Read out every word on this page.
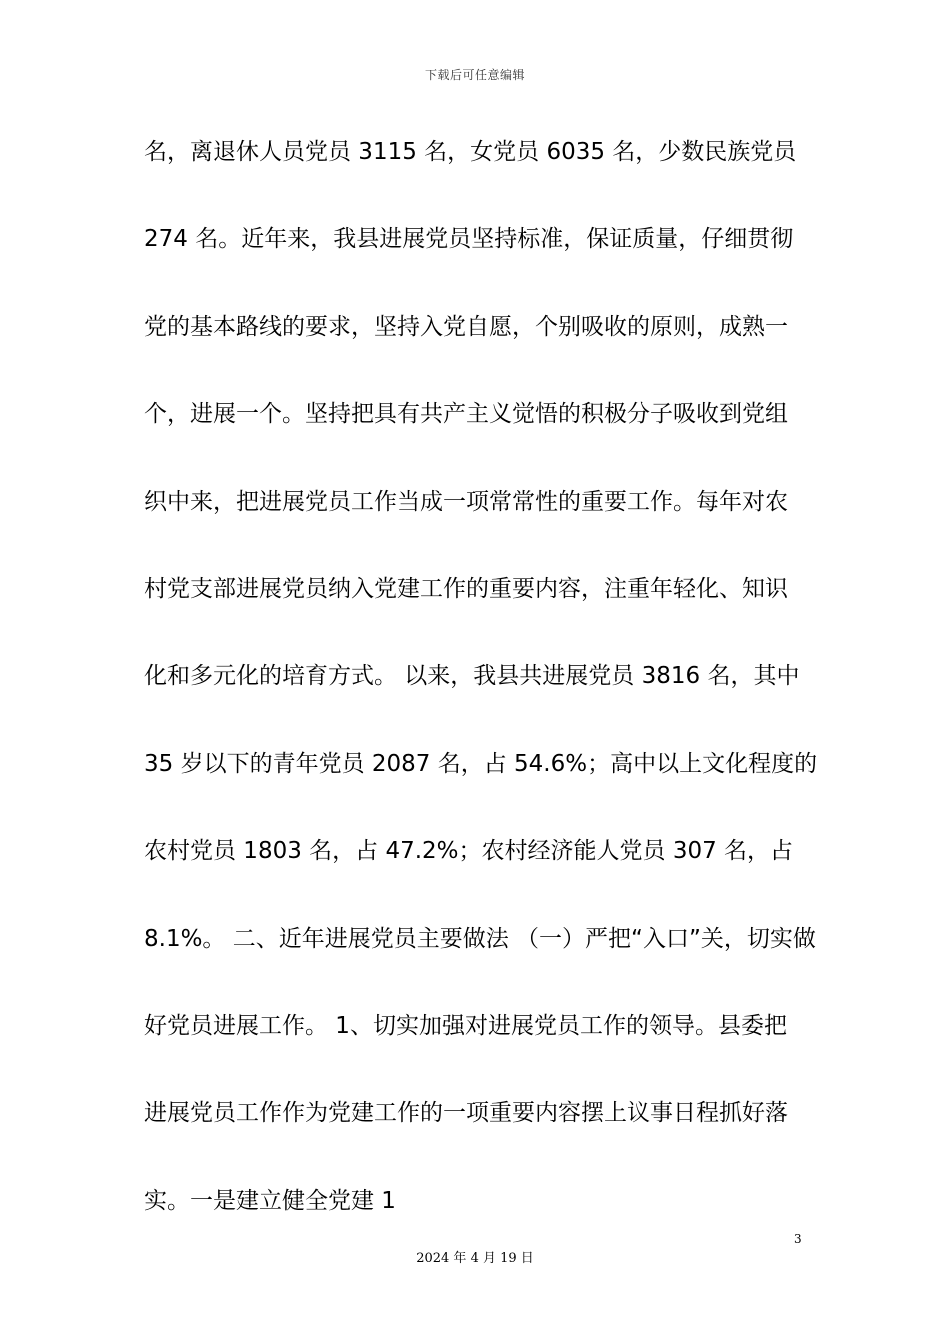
下载后可任意编辑
名，离退休人员党员 3115 名，女党员 6035 名，少数民族党员
274 名。近年来，我县进展党员坚持标准，保证质量，仔细贯彻
党的基本路线的要求，坚持入党自愿，个别吸收的原则，成熟一
个，进展一个。坚持把具有共产主义觉悟的积极分子吸收到党组
织中来，把进展党员工作当成一项常常性的重要工作。每年对农
村党支部进展党员纳入党建工作的重要内容，注重年轻化、知识
化和多元化的培育方式。 以来，我县共进展党员 3816 名，其中
35 岁以下的青年党员 2087 名，占 54.6%；高中以上文化程度的
农村党员 1803 名，占 47.2%；农村经济能人党员 307 名，占
8.1%。 二、近年进展党员主要做法 （一）严把“入口”关，切实做
好党员进展工作。 1、切实加强对进展党员工作的领导。县委把
进展党员工作作为党建工作的一项重要内容摆上议事日程抓好落
实。一是建立健全党建 1
3
2024 年 4 月 19 日
